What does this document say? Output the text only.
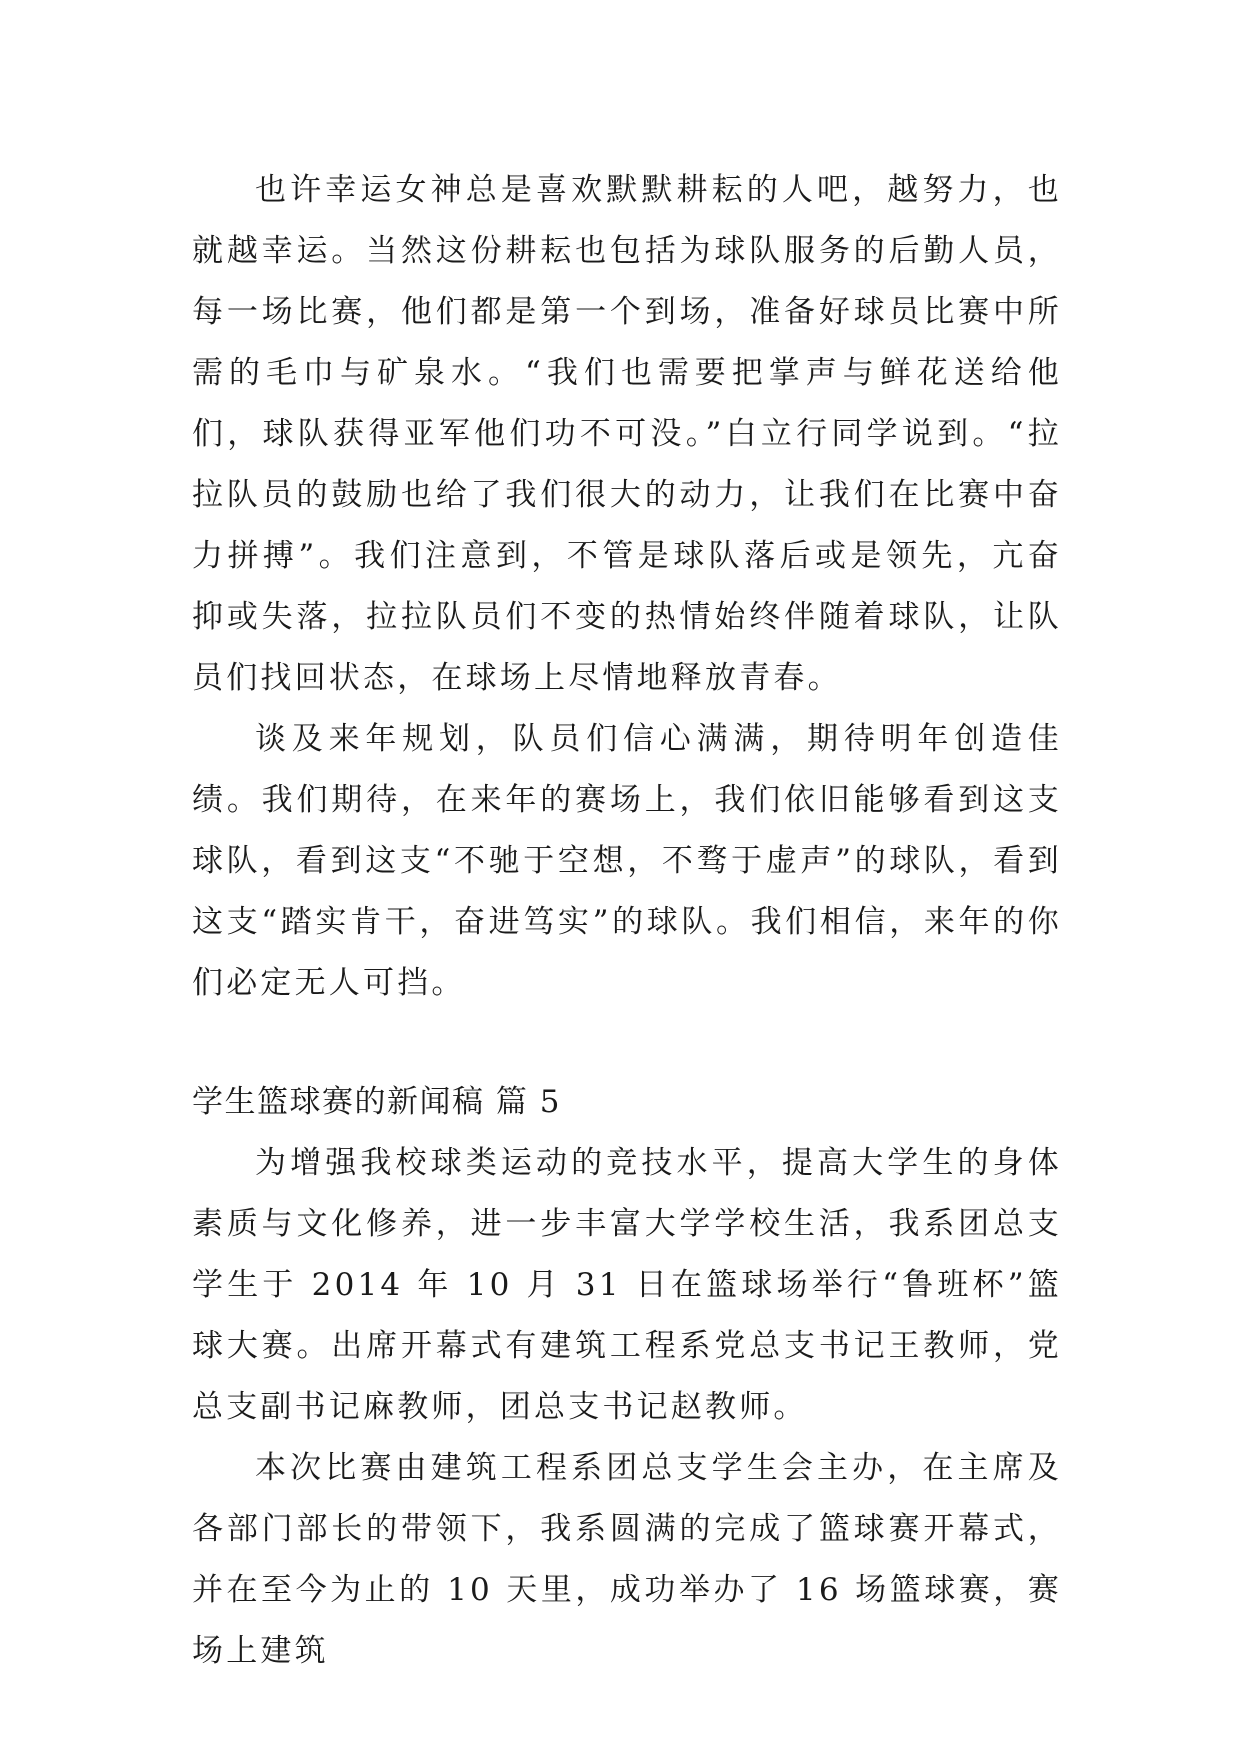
也许幸运女神总是喜欢默默耕耘的人吧，越努力，也就越幸运。当然这份耕耘也包括为球队服务的后勤人员，每一场比赛，他们都是第一个到场，准备好球员比赛中所需的毛巾与矿泉水。“我们也需要把掌声与鲜花送给他们，球队获得亚军他们功不可没。”白立行同学说到。“拉拉队员的鼓励也给了我们很大的动力，让我们在比赛中奋力拼搏”。我们注意到，不管是球队落后或是领先，亢奋抑或失落，拉拉队员们不变的热情始终伴随着球队，让队员们找回状态，在球场上尽情地释放青春。

谈及来年规划，队员们信心满满，期待明年创造佳绩。我们期待，在来年的赛场上，我们依旧能够看到这支球队，看到这支“不驰于空想，不骛于虚声”的球队，看到这支“踏实肯干，奋进笃实”的球队。我们相信，来年的你们必定无人可挡。

学生篮球赛的新闻稿 篇 5

为增强我校球类运动的竞技水平，提高大学生的身体素质与文化修养，进一步丰富大学学校生活，我系团总支学生于 2014 年 10 月 31 日在篮球场举行“鲁班杯”篮球大赛。出席开幕式有建筑工程系党总支书记王教师，党总支副书记麻教师，团总支书记赵教师。

本次比赛由建筑工程系团总支学生会主办，在主席及各部门部长的带领下，我系圆满的完成了篮球赛开幕式，并在至今为止的 10 天里，成功举办了 16 场篮球赛，赛场上建筑
